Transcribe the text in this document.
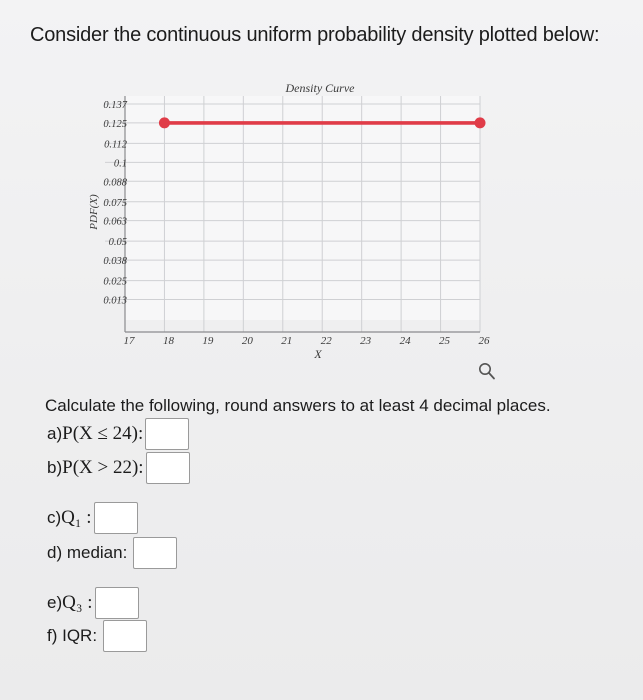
Consider the continuous uniform probability density plotted below:
17	18	19	20	21	22	23	24	25	26
0.013
0.025
0.038
0.05
0.063
0.075
0.088
0.1
0.112
0.125
0.137
Density Curve
X
PDF(X)
Calculate the following, round answers to at least 4 decimal places.
a) P(X ≤ 24):
b) P(X > 22):
c) Q₁ :
d) median:
e) Q₃ :
f) IQR:
